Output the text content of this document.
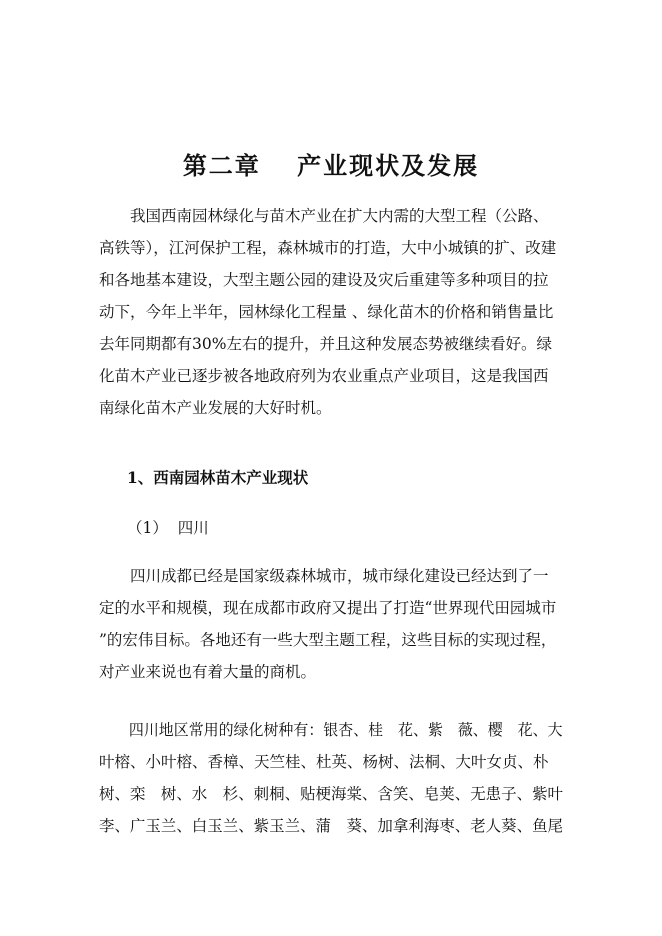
第二章　 产业现状及发展
　　我国西南园林绿化与苗木产业在扩大内需的大型工程（公路、
高铁等），江河保护工程，森林城市的打造，大中小城镇的扩、改建
和各地基本建设，大型主题公园的建设及灾后重建等多种项目的拉
动下，今年上半年，园林绿化工程量 、绿化苗木的价格和销售量比
去年同期都有30%左右的提升，并且这种发展态势被继续看好。绿
化苗木产业已逐步被各地政府列为农业重点产业项目，这是我国西
南绿化苗木产业发展的大好时机。
1、西南园林苗木产业现状
（1）  四川
　　四川成都已经是国家级森林城市，城市绿化建设已经达到了一
定的水平和规模，现在成都市政府又提出了打造“世界现代田园城市
”的宏伟目标。各地还有一些大型主题工程，这些目标的实现过程，
对产业来说也有着大量的商机。
　　四川地区常用的绿化树种有：银杏、桂　花、紫　薇、樱　花、大
叶榕、小叶榕、香樟、天竺桂、杜英、杨树、法桐、大叶女贞、朴
树、栾　树、水　杉、刺桐、贴梗海棠、含笑、皂荚、无患子、紫叶
李、广玉兰、白玉兰、紫玉兰、蒲　葵、加拿利海枣、老人葵、鱼尾
